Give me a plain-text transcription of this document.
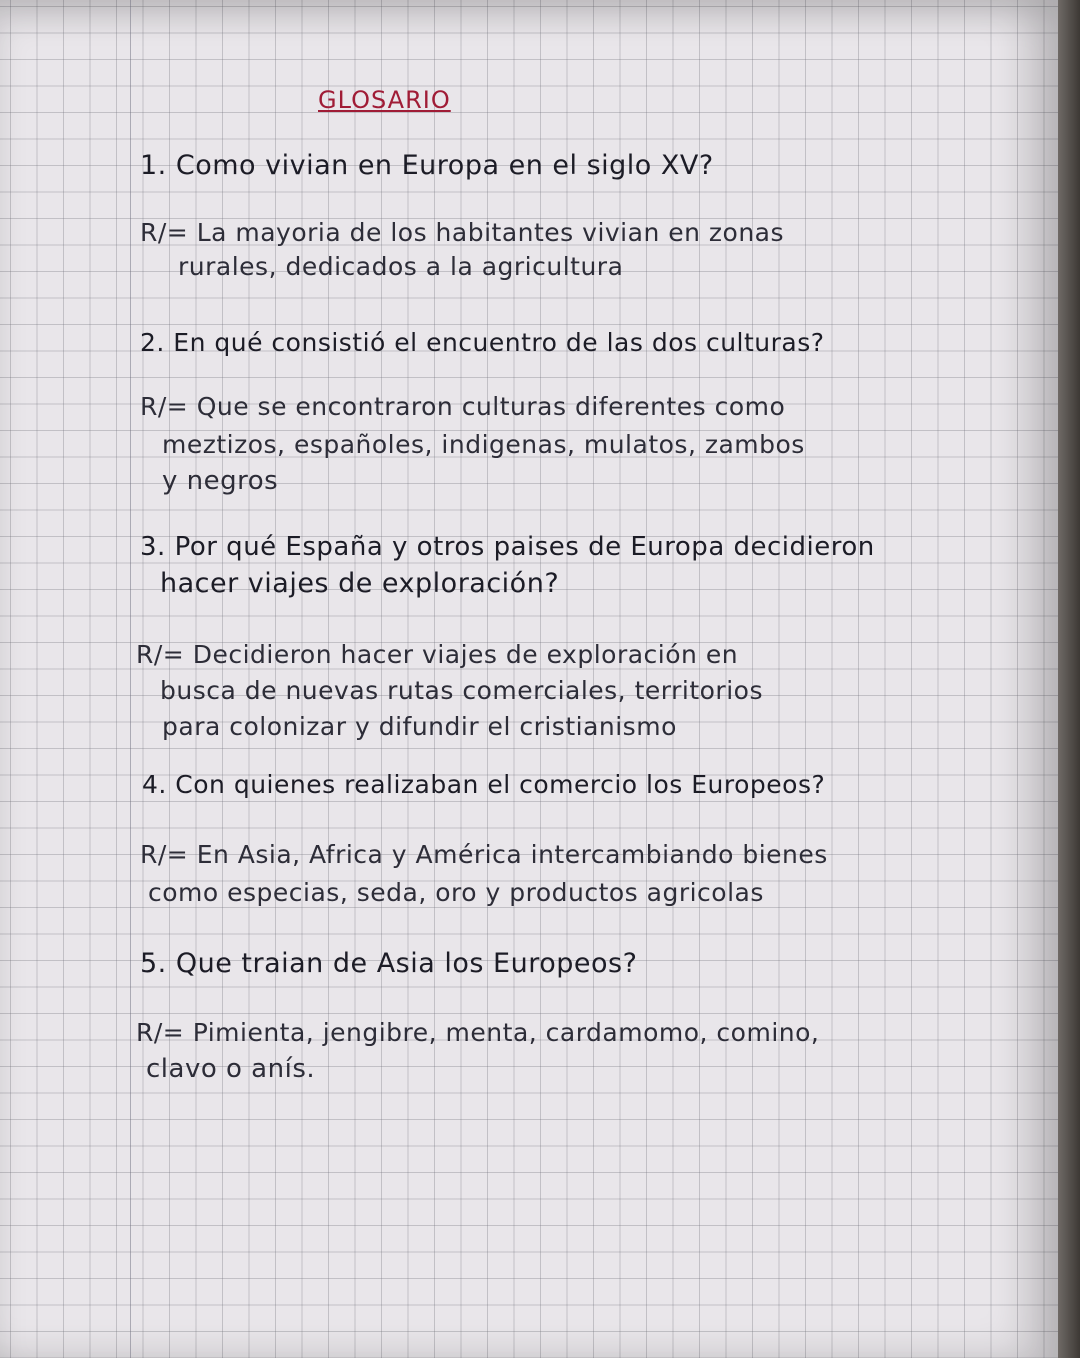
GLOSARIO
1. Como vivian en Europa en el siglo XV?
R/= La mayoria de los habitantes vivian en zonas
rurales, dedicados a la agricultura
2. En qué consistió el encuentro de las dos culturas?
R/= Que se encontraron culturas diferentes como
meztizos, españoles, indigenas, mulatos, zambos
y negros
3. Por qué España y otros paises de Europa decidieron
hacer viajes de exploración?
R/= Decidieron hacer viajes de exploración en
busca de nuevas rutas comerciales, territorios
para colonizar y difundir el cristianismo
4. Con quienes realizaban el comercio los Europeos?
R/= En Asia, Africa y América intercambiando bienes
como especias, seda, oro y productos agricolas
5. Que traian de Asia los Europeos?
R/= Pimienta, jengibre, menta, cardamomo, comino,
clavo o anís.
